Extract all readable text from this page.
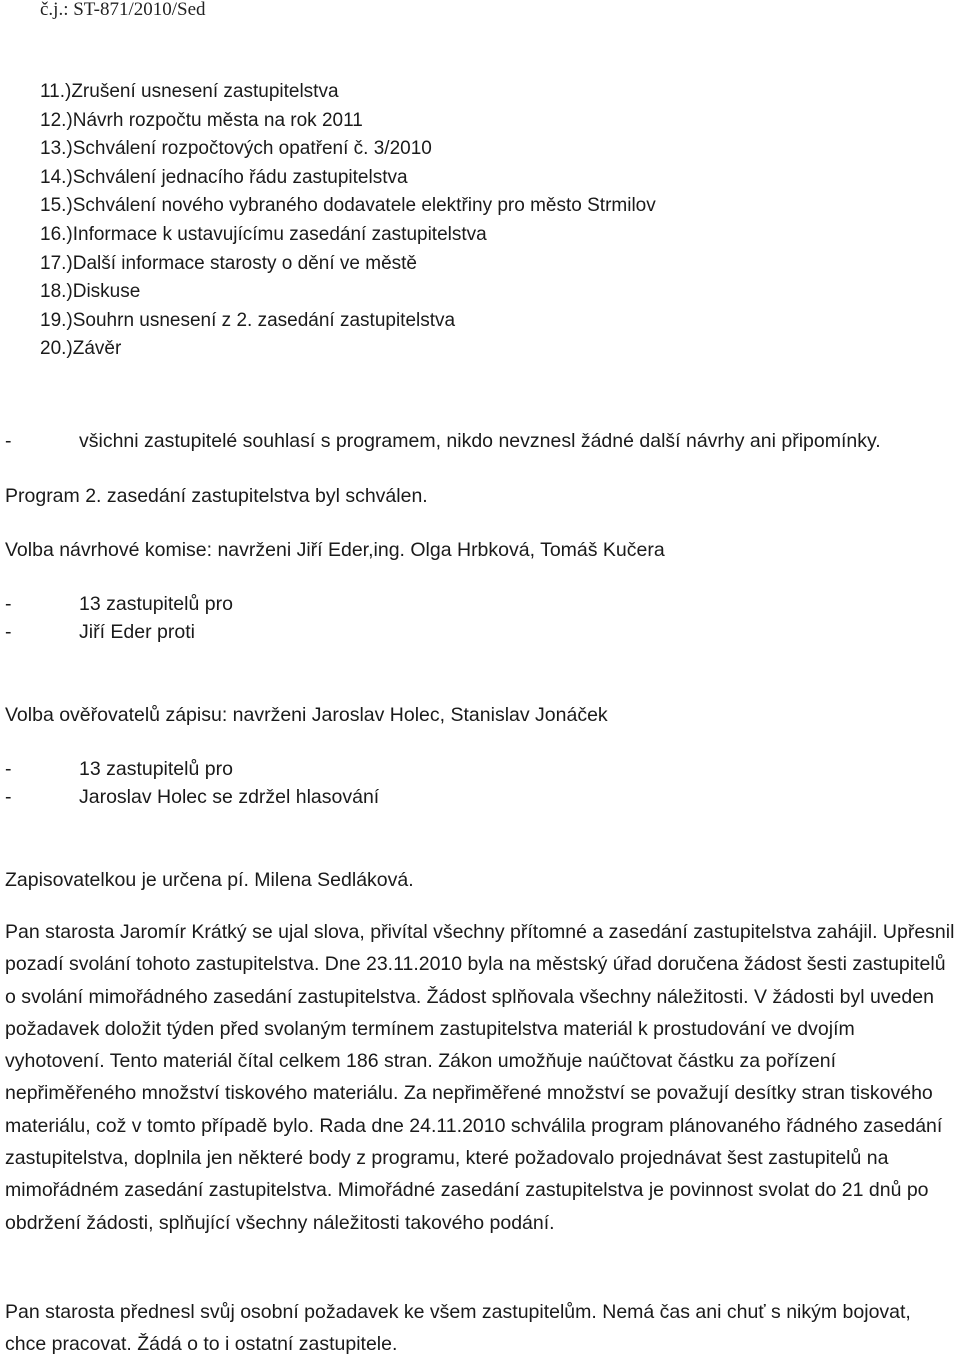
č.j.: ST-871/2010/Sed
11.)Zrušení usnesení zastupitelstva
12.)Návrh rozpočtu města na rok 2011
13.)Schválení rozpočtových opatření č. 3/2010
14.)Schválení jednacího řádu zastupitelstva
15.)Schválení nového vybraného dodavatele elektřiny pro město Strmilov
16.)Informace k ustavujícímu zasedání zastupitelstva
17.)Další informace starosty o dění ve městě
18.)Diskuse
19.)Souhrn usnesení z 2. zasedání zastupitelstva
20.)Závěr
-	všichni zastupitelé souhlasí s programem, nikdo nevznesl žádné další návrhy ani připomínky.
Program 2. zasedání zastupitelstva byl schválen.
Volba návrhové komise: navrženi Jiří Eder,ing. Olga Hrbková, Tomáš Kučera
-	13 zastupitelů pro
-	Jiří Eder proti
Volba ověřovatelů zápisu: navrženi Jaroslav Holec, Stanislav Jonáček
-	13 zastupitelů pro
-	Jaroslav Holec se zdržel hlasování
Zapisovatelkou je určena pí. Milena Sedláková.

Pan starosta Jaromír Krátký se ujal slova, přivítal všechny přítomné a zasedání zastupitelstva zahájil. Upřesnil pozadí svolání tohoto zastupitelstva. Dne 23.11.2010 byla na městský úřad doručena žádost šesti zastupitelů o svolání mimořádného zasedání zastupitelstva. Žádost splňovala všechny náležitosti. V žádosti byl uveden požadavek doložit týden před svolaným termínem zastupitelstva materiál k prostudování ve dvojím vyhotovení. Tento materiál čítal celkem 186 stran. Zákon umožňuje naúčtovat částku za pořízení nepřiměřeného množství tiskového materiálu. Za nepřiměřené množství se považují desítky stran tiskového materiálu, což v tomto případě bylo. Rada dne 24.11.2010 schválila program plánovaného řádného zasedání zastupitelstva, doplnila jen některé body z programu, které požadovalo projednávat šest zastupitelů na mimořádném zasedání zastupitelstva. Mimořádné zasedání zastupitelstva je povinnost svolat do 21 dnů po obdržení žádosti, splňující všechny náležitosti takového podání.

Pan starosta přednesl svůj osobní požadavek ke všem zastupitelům. Nemá čas ani chuť s nikým bojovat, chce pracovat. Žádá o to i ostatní zastupitele.
